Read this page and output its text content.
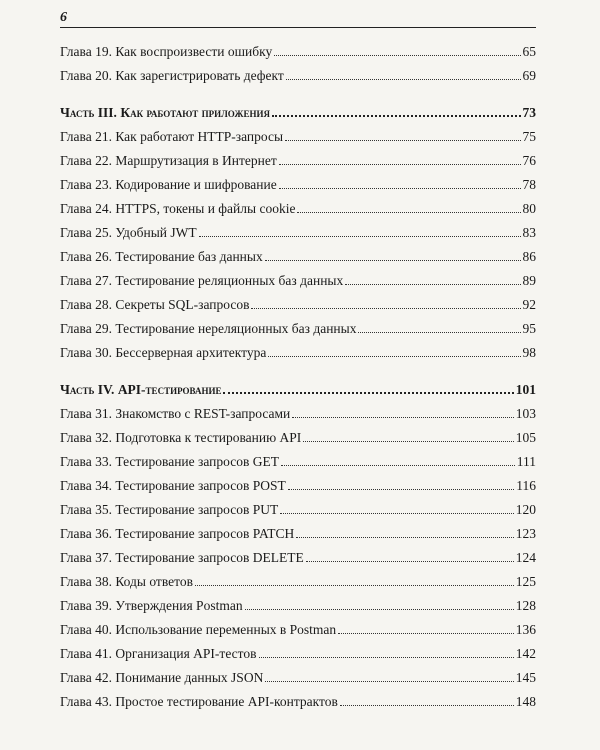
6
Глава 19. Как воспроизвести ошибку	65
Глава 20. Как зарегистрировать дефект	69
Часть III. Как работают приложения	73
Глава 21. Как работают HTTP-запросы	75
Глава 22. Маршрутизация в Интернет	76
Глава 23. Кодирование и шифрование	78
Глава 24. HTTPS, токены и файлы cookie	80
Глава 25. Удобный JWT	83
Глава 26. Тестирование баз данных	86
Глава 27. Тестирование реляционных баз данных	89
Глава 28. Секреты SQL-запросов	92
Глава 29. Тестирование нереляционных баз данных	95
Глава 30. Бессерверная архитектура	98
Часть IV. API-тестирование	101
Глава 31. Знакомство с REST-запросами	103
Глава 32. Подготовка к тестированию API	105
Глава 33. Тестирование запросов GET	111
Глава 34. Тестирование запросов POST	116
Глава 35. Тестирование запросов PUT	120
Глава 36. Тестирование запросов PATCH	123
Глава 37. Тестирование запросов DELETE	124
Глава 38. Коды ответов	125
Глава 39. Утверждения Postman	128
Глава 40. Использование переменных в Postman	136
Глава 41. Организация API-тестов	142
Глава 42. Понимание данных JSON	145
Глава 43. Простое тестирование API-контрактов	148
